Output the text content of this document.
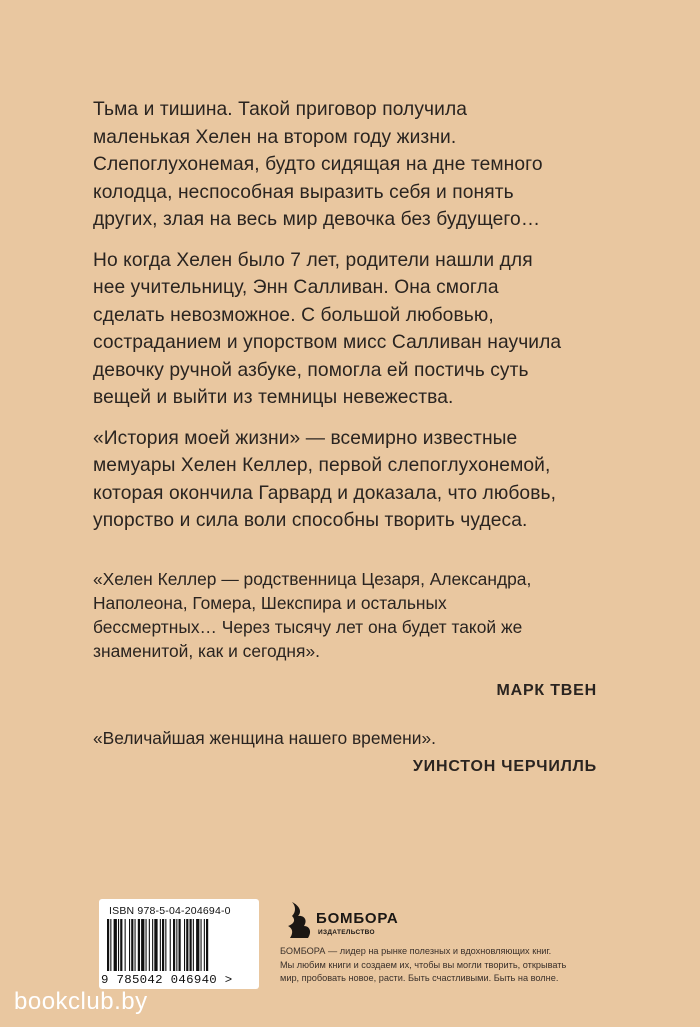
Тьма и тишина. Такой приговор получила
маленькая Хелен на втором году жизни.
Слепоглухонемая, будто сидящая на дне темного
колодца, неспособная выразить себя и понять
других, злая на весь мир девочка без будущего…

Но когда Хелен было 7 лет, родители нашли для
нее учительницу, Энн Салливан. Она смогла
сделать невозможное. С большой любовью,
состраданием и упорством мисс Салливан научила
девочку ручной азбуке, помогла ей постичь суть
вещей и выйти из темницы невежества.

«История моей жизни» — всемирно известные
мемуары Хелен Келлер, первой слепоглухонемой,
которая окончила Гарвард и доказала, что любовь,
упорство и сила воли способны творить чудеса.

«Хелен Келлер — родственница Цезаря, Александра,
Наполеона, Гомера, Шекспира и остальных
бессмертных… Через тысячу лет она будет такой же
знаменитой, как и сегодня».
МАРК ТВЕН
«Величайшая женщина нашего времени».
УИНСТОН ЧЕРЧИЛЛЬ
ISBN 978-5-04-204694-0
9 785042 046940 >
БОМБОРА
ИЗДАТЕЛЬСТВО
БОМБОРА — лидер на рынке полезных и вдохновляющих книг.
Мы любим книги и создаем их, чтобы вы могли творить, открывать
мир, пробовать новое, расти. Быть счастливыми. Быть на волне.
bookclub.by
